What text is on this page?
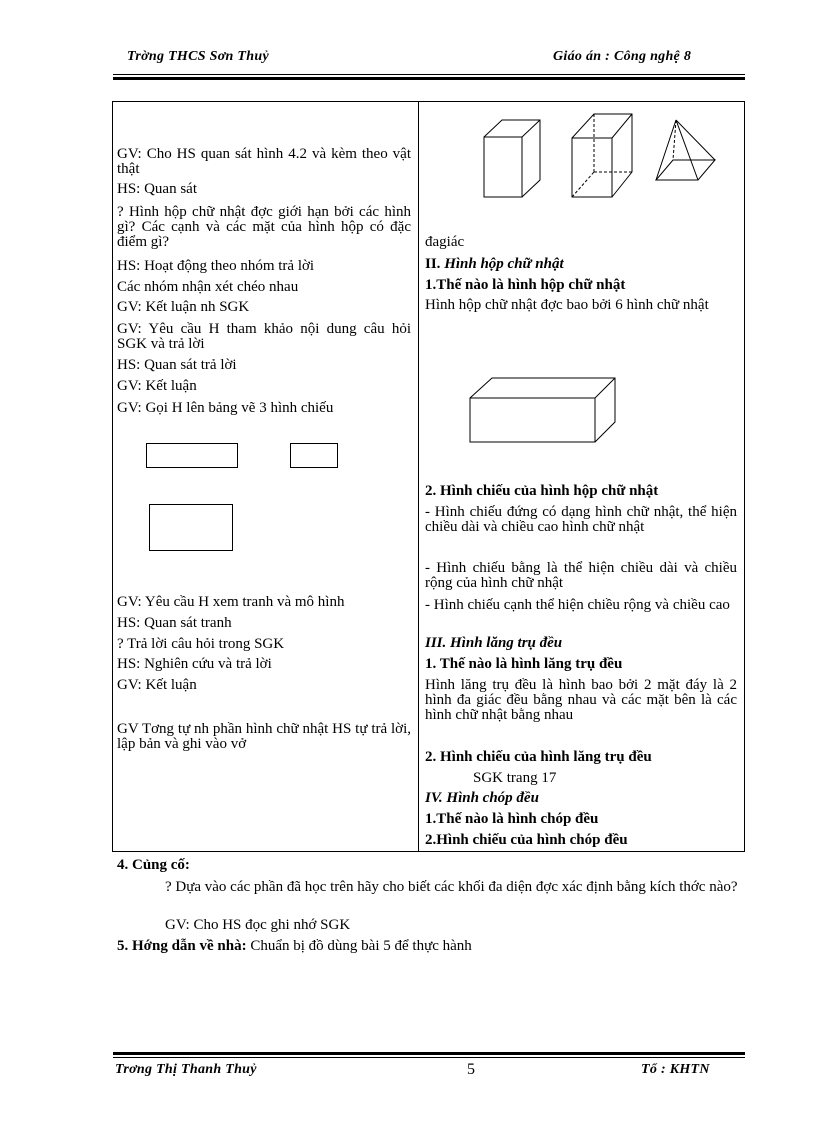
Trờng THCS Sơn Thuỷ	Giáo án : Công nghệ 8
GV: Cho HS quan sát hình 4.2 và kèm theo vật thật
HS: Quan sát
? Hình hộp chữ nhật đợc giới hạn bởi các hình gì? Các cạnh và các mặt của hình hộp có đặc điểm gì?
HS: Hoạt động theo nhóm trả lời
Các nhóm nhận xét chéo nhau
GV: Kết luận nh SGK
GV: Yêu cầu H tham khảo nội dung câu hỏi SGK và trả lời
HS: Quan sát trả lời
GV: Kết luận
GV: Gọi H lên bảng vẽ 3 hình chiếu
GV: Yêu cầu H xem tranh và mô hình
HS: Quan sát tranh
? Trả lời câu hỏi trong SGK
HS: Nghiên cứu và trả lời
GV: Kết luận
GV Tơng tự nh phần hình chữ nhật HS tự trả lời, lập bản và ghi vào vở
đagiác
II. Hình hộp chữ nhật
1.Thế nào là hình hộp chữ nhật
Hình hộp chữ nhật đợc bao bởi 6 hình chữ nhật
2. Hình chiếu của hình hộp chữ nhật
- Hình chiếu đứng có dạng hình chữ nhật, thể hiện chiều dài và chiều cao hình chữ nhật
- Hình chiếu bằng là thể hiện chiều dài và chiều rộng của hình chữ nhật
- Hình chiếu cạnh thể hiện chiều rộng và chiều cao
III. Hình lăng trụ đều
1. Thế nào là hình lăng trụ đều
Hình lăng trụ đều là hình bao bởi 2 mặt đáy là 2 hình đa giác đều bằng nhau và các mặt bên là các hình chữ nhật bằng nhau
2. Hình chiếu của hình lăng trụ đều
SGK trang 17
IV. Hình chóp đều
1.Thế nào là hình chóp đều
2.Hình chiếu của hình chóp đều
4. Củng cố:
? Dựa vào các phần đã học trên hãy cho biết các khối đa diện đợc xác định bằng kích thớc nào?
GV: Cho HS đọc ghi nhớ SGK
5. Hớng dẫn về nhà: Chuẩn bị đồ dùng bài 5 để thực hành
Trơng Thị Thanh Thuỷ	5	Tổ : KHTN
